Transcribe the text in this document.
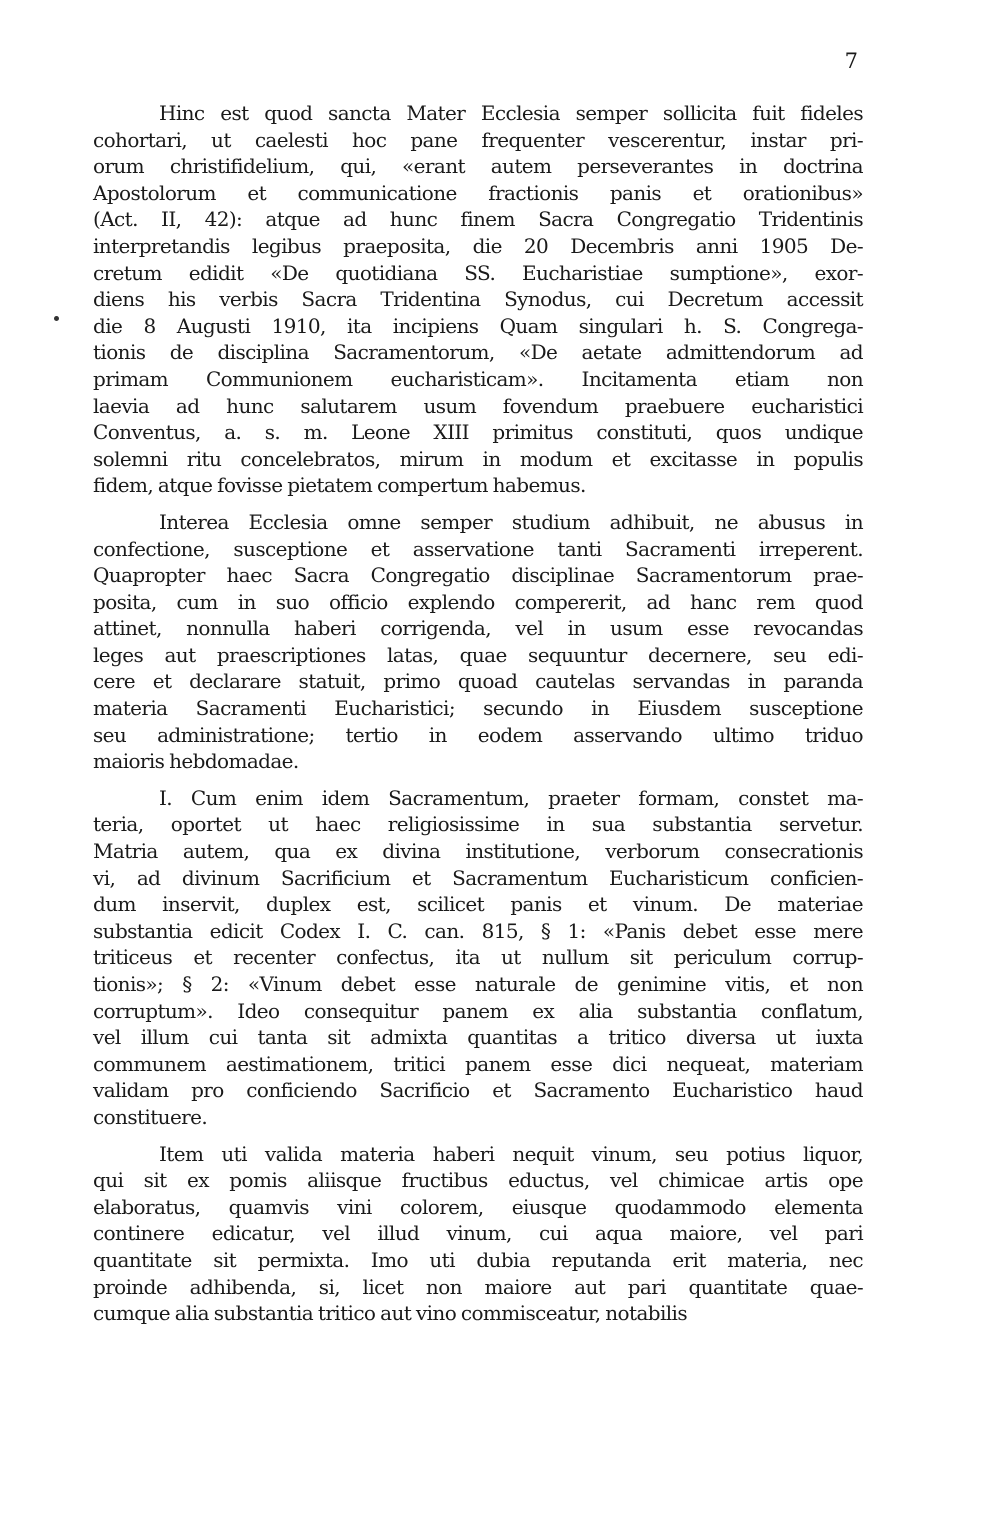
7
Hinc est quod sancta Mater Ecclesia semper sollicita fuit fideles
cohortari, ut caelesti hoc pane frequenter vescerentur, instar pri-
orum christifidelium, qui, «erant autem perseverantes in doctrina
Apostolorum et communicatione fractionis panis et orationibus»
(Act. II, 42): atque ad hunc finem Sacra Congregatio Tridentinis
interpretandis legibus praeposita, die 20 Decembris anni 1905 De-
cretum edidit «De quotidiana SS. Eucharistiae sumptione», exor-
diens his verbis Sacra Tridentina Synodus, cui Decretum accessit
die 8 Augusti 1910, ita incipiens Quam singulari h. S. Congrega-
tionis de disciplina Sacramentorum, «De aetate admittendorum ad
primam Communionem eucharisticam». Incitamenta etiam non
laevia ad hunc salutarem usum fovendum praebuere eucharistici
Conventus, a. s. m. Leone XIII primitus constituti, quos undique
solemni ritu concelebratos, mirum in modum et excitasse in populis
fidem, atque fovisse pietatem compertum habemus.
Interea Ecclesia omne semper studium adhibuit, ne abusus in
confectione, susceptione et asservatione tanti Sacramenti irreperent.
Quapropter haec Sacra Congregatio disciplinae Sacramentorum prae-
posita, cum in suo officio explendo compererit, ad hanc rem quod
attinet, nonnulla haberi corrigenda, vel in usum esse revocandas
leges aut praescriptiones latas, quae sequuntur decernere, seu edi-
cere et declarare statuit, primo quoad cautelas servandas in paranda
materia Sacramenti Eucharistici; secundo in Eiusdem susceptione
seu administratione; tertio in eodem asservando ultimo triduo
maioris hebdomadae.
I. Cum enim idem Sacramentum, praeter formam, constet ma-
teria, oportet ut haec religiosissime in sua substantia servetur.
Matria autem, qua ex divina institutione, verborum consecrationis
vi, ad divinum Sacrificium et Sacramentum Eucharisticum conficien-
dum inservit, duplex est, scilicet panis et vinum. De materiae
substantia edicit Codex I. C. can. 815, § 1: «Panis debet esse mere
triticeus et recenter confectus, ita ut nullum sit periculum corrup-
tionis»; § 2: «Vinum debet esse naturale de genimine vitis, et non
corruptum». Ideo consequitur panem ex alia substantia conflatum,
vel illum cui tanta sit admixta quantitas a tritico diversa ut iuxta
communem aestimationem, tritici panem esse dici nequeat, materiam
validam pro conficiendo Sacrificio et Sacramento Eucharistico haud
constituere.
Item uti valida materia haberi nequit vinum, seu potius liquor,
qui sit ex pomis aliisque fructibus eductus, vel chimicae artis ope
elaboratus, quamvis vini colorem, eiusque quodammodo elementa
continere edicatur, vel illud vinum, cui aqua maiore, vel pari
quantitate sit permixta. Imo uti dubia reputanda erit materia, nec
proinde adhibenda, si, licet non maiore aut pari quantitate quae-
cumque alia substantia tritico aut vino commisceatur, notabilis
